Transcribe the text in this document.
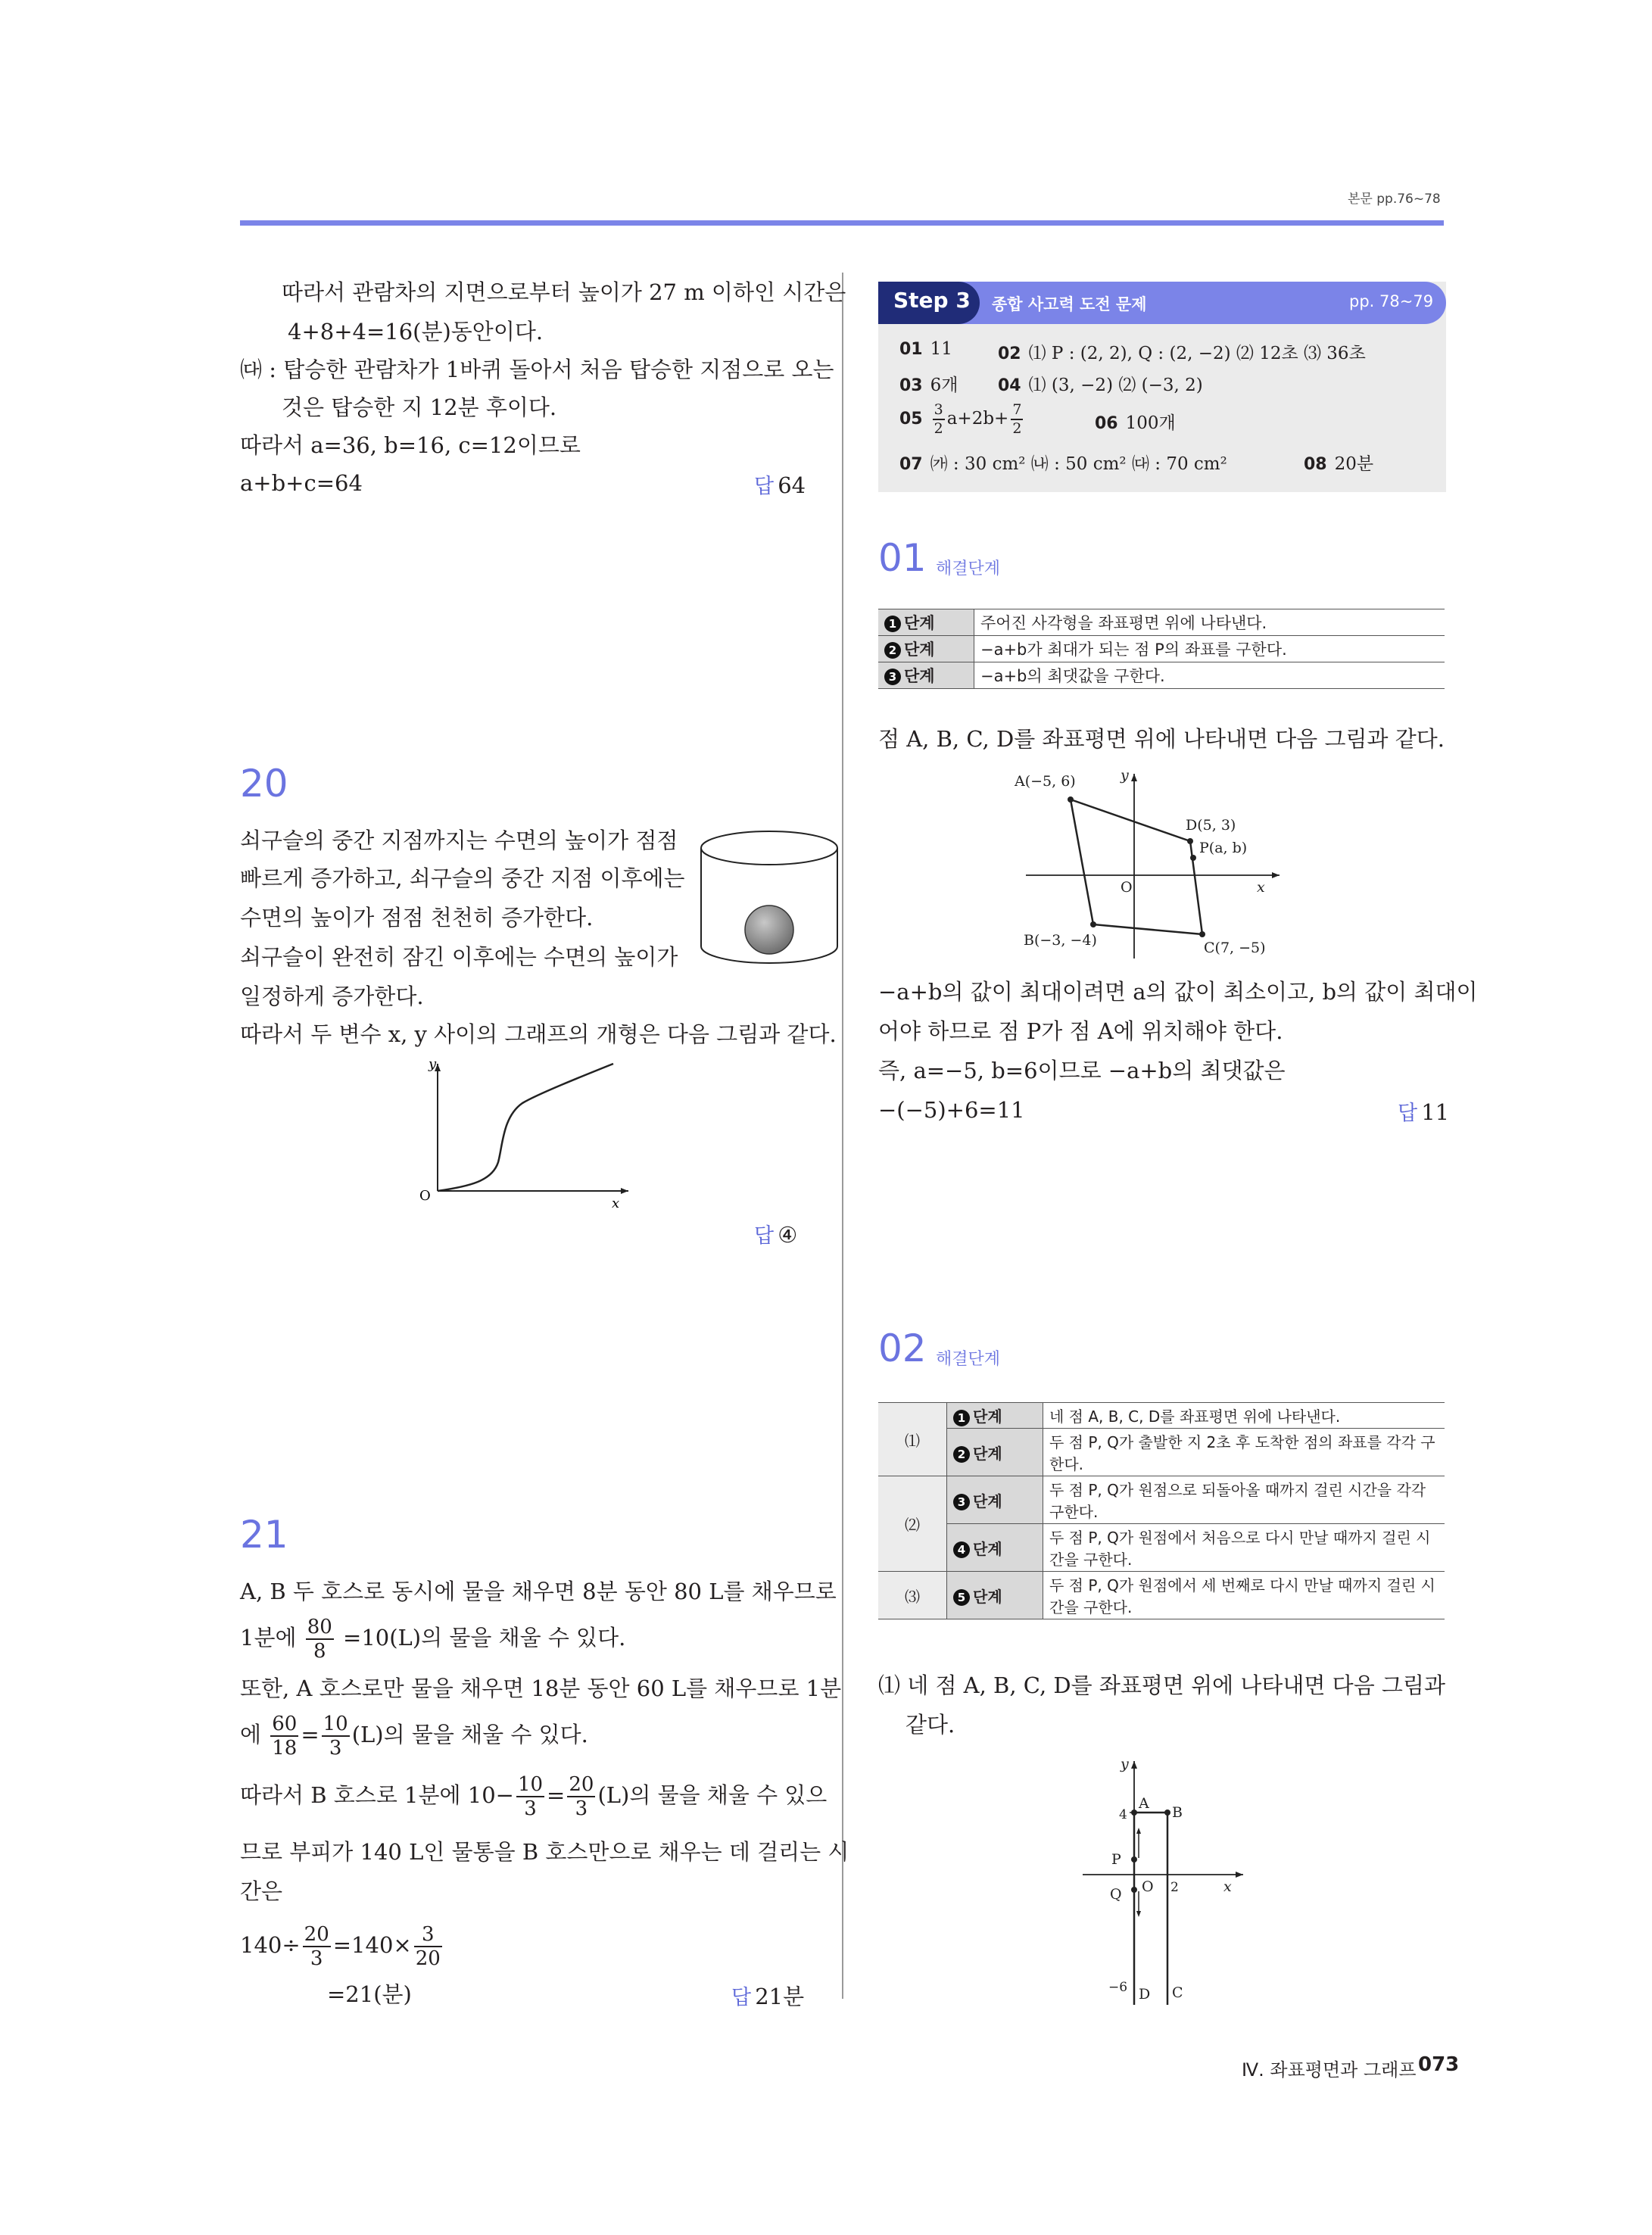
본문 pp.76~78
따라서 관람차의 지면으로부터 높이가 27 m 이하인 시간은
4+8+4=16(분)동안이다.
㈐ : 탑승한 관람차가 1바퀴 돌아서 처음 탑승한 지점으로 오는
것은 탑승한 지 12분 후이다.
따라서 a=36, b=16, c=12이므로
a+b+c=64	답 64
20
쇠구슬의 중간 지점까지는 수면의 높이가 점점
빠르게 증가하고, 쇠구슬의 중간 지점 이후에는
수면의 높이가 점점 천천히 증가한다.
쇠구슬이 완전히 잠긴 이후에는 수면의 높이가
일정하게 증가한다.
따라서 두 변수 x, y 사이의 그래프의 개형은 다음 그림과 같다.
y
x
O
답 ④
21
A, B 두 호스로 동시에 물을 채우면 8분 동안 80 L를 채우므로
1분에 $\frac{80}{8} =10(L)$의 물을 채울 수 있다.
또한, A 호스로만 물을 채우면 18분 동안 60 L를 채우므로 1분
에 $\frac{60}{18} = \frac{10}{3} (L)$의 물을 채울 수 있다.
따라서 B 호스로 1분에 $10- \frac{10}{3} = \frac{20}{3} (L)$의 물을 채울 수 있으
므로 부피가 140 L인 물통을 B 호스만으로 채우는 데 걸리는 시
간은
$140\div \frac{20}{3} =140\times \frac{3}{20}$
=21(분)	답 21분
Step 3 종합 사고력 도전 문제	pp. 78~79
01 11	02 ⑴ P : (2, 2), Q : (2, −2) ⑵ 12초 ⑶ 36초
03 6개 04 ⑴ (3, −2) ⑵ (−3, 2)
$05 \frac{3}{2} a+2b+ \frac{7}{2}$	06 100개
07 ㈎ : 30 cm² ㈏ : 50 cm² ㈐ : 70 cm²	08 20분
01 해결단계
1 단계	주어진 사각형을 좌표평면 위에 나타낸다.
2 단계	−a+b가 최대가 되는 점 P의 좌표를 구한다.
3 단계	−a+b의 최댓값을 구한다.
점 A, B, C, D를 좌표평면 위에 나타내면 다음 그림과 같다.
A(−5, 6)
B(−3, −4)	C(7, −5)
D(5, 3)
P(a, b)
O	x
y
−a+b의 값이 최대이려면 a의 값이 최소이고, b의 값이 최대이
어야 하므로 점 P가 점 A에 위치해야 한다.
즉, a=−5, b=6이므로 −a+b의 최댓값은
−(−5)+6=11	답 11
02 해결단계
⑴	1 단계	네 점 A, B, C, D를 좌표평면 위에 나타낸다.
	2 단계	두 점 P, Q가 출발한 지 2초 후 도착한 점의 좌표를 각각 구한다.
⑵	3 단계	두 점 P, Q가 원점으로 되돌아올 때까지 걸린 시간을 각각 구한다.
	4 단계	두 점 P, Q가 원점에서 처음으로 다시 만날 때까지 걸린 시간을 구한다.
⑶	5 단계	두 점 P, Q가 원점에서 세 번째로 다시 만날 때까지 걸린 시간을 구한다.
⑴ 네 점 A, B, C, D를 좌표평면 위에 나타내면 다음 그림과
같다.
A
B
C
D
P
Q O 2
4
−6
x
y
Ⅳ. 좌표평면과 그래프 073
